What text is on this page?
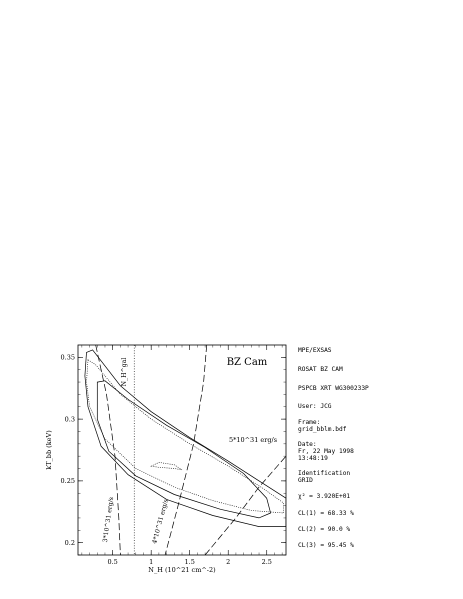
0.5	1	1.5	2	2.5
0.2
0.25
0.3
0.35	BZ Cam
N_H^gal
3*10^31 erg/s	4*10^31 erg/s
5*10^31 erg/s
N_H (10^21 cm^-2)
kT_bb (keV)
MPE/EXSAS
ROSAT BZ CAM
PSPCB XRT WG300233P
User: JCG
Frame:
grid_bblm.bdf
Date:
Fr, 22 May 1998
13:48:19
Identification
GRID
χ² = 3.920E+01
CL(1) = 68.33 %
CL(2) = 90.0 %
CL(3) = 95.45 %
